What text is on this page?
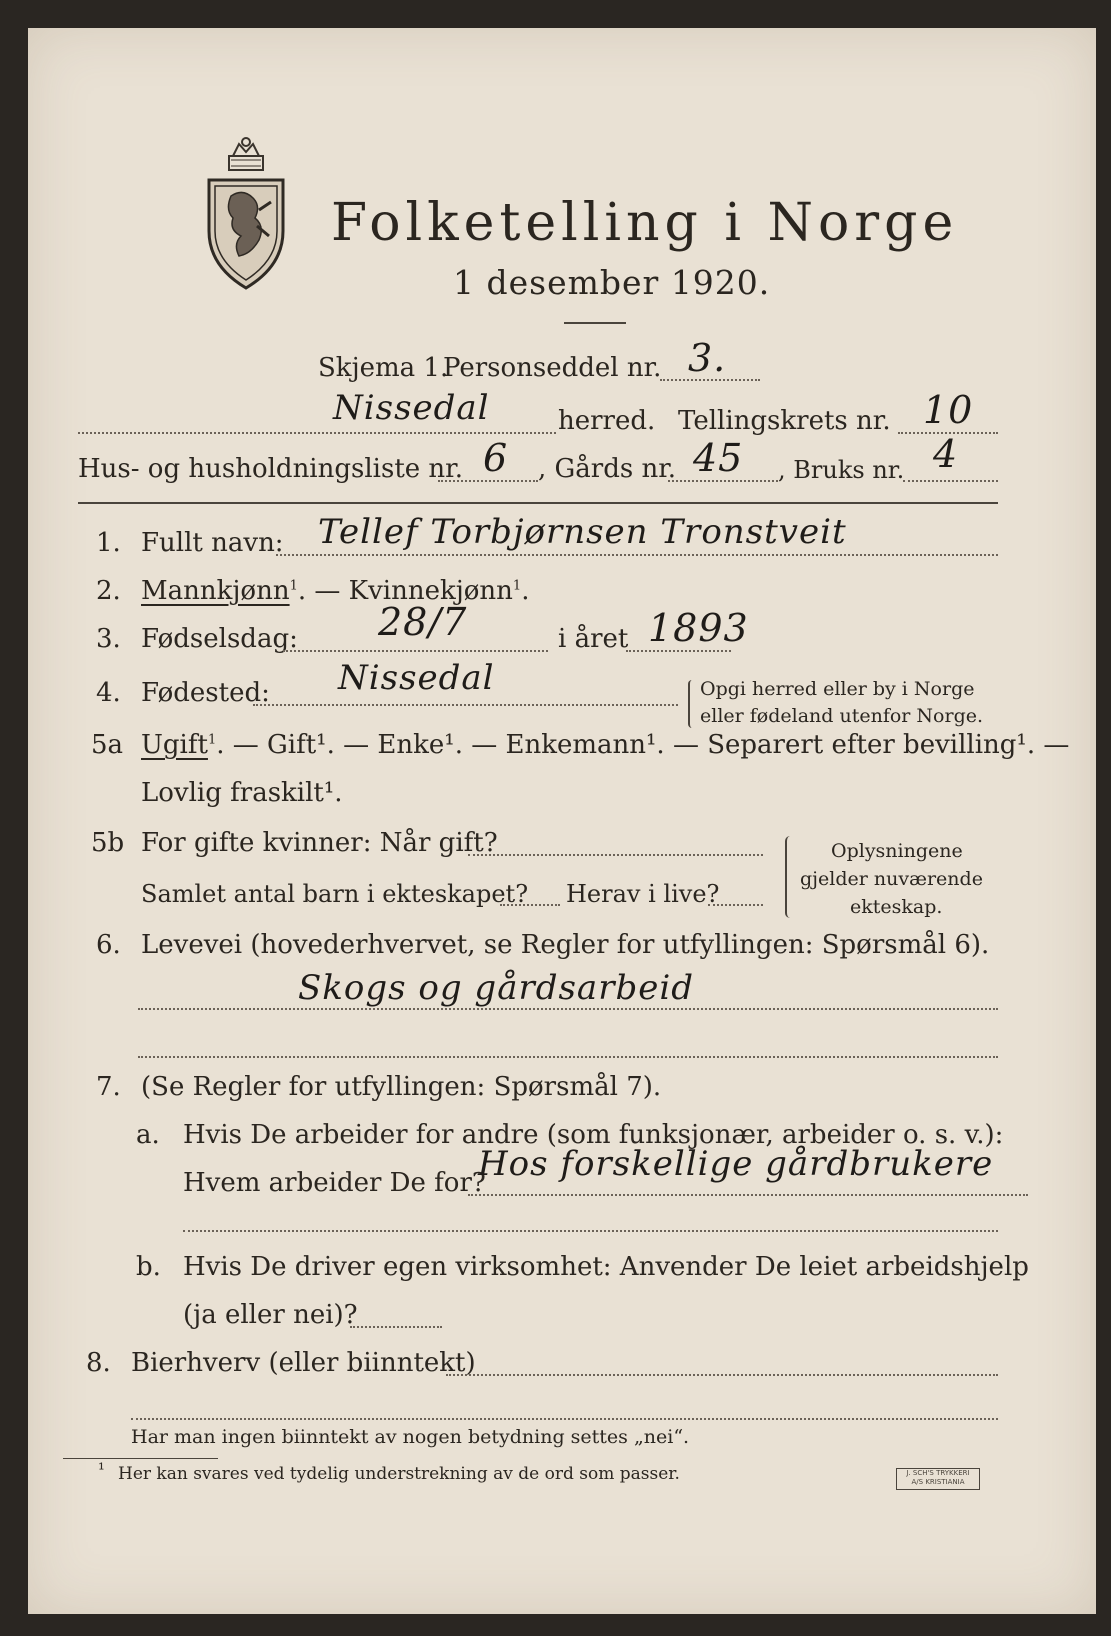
Folketelling i Norge
1 desember 1920.
Skjema 1.
Personseddel nr. 3.
Nissedal	herred. Tellingskrets nr. 10
Hus- og husholdningsliste nr. 6 , Gårds nr. 45 , Bruks nr. 4
1. Fullt navn: Tellef Torbjørnsen Tronstveit
2. Mannkjønn$^1$. — Kvinnekjønn$^1$.
3. Fødselsdag: 28/7	i året 1893
4. Fødested: Nissedal	Opgi herred eller by i Norge
eller fødeland utenfor Norge.
5a Ugift$^1$. — Gift¹. — Enke¹. — Enkemann¹. — Separert efter bevilling¹. —
Lovlig fraskilt¹.
5b For gifte kvinner: Når gift?
Samlet antal barn i ekteskapet? Herav i live?
Oplysningene
gjelder nuværende
ekteskap.
6. Levevei (hovederhvervet, se Regler for utfyllingen: Spørsmål 6).
Skogs og gårdsarbeid
7. (Se Regler for utfyllingen: Spørsmål 7).
a. Hvis De arbeider for andre (som funksjonær, arbeider o. s. v.):
Hvem arbeider De for?
Hos forskellige gårdbrukere
b. Hvis De driver egen virksomhet: Anvender De leiet arbeidshjelp
(ja eller nei)?
8. Bierhverv (eller biinntekt)
Har man ingen biinntekt av nogen betydning settes „nei“.
¹ Her kan svares ved tydelig understrekning av de ord som passer.	J. SCH'S TRYKKERI
A/S KRISTIANIA
